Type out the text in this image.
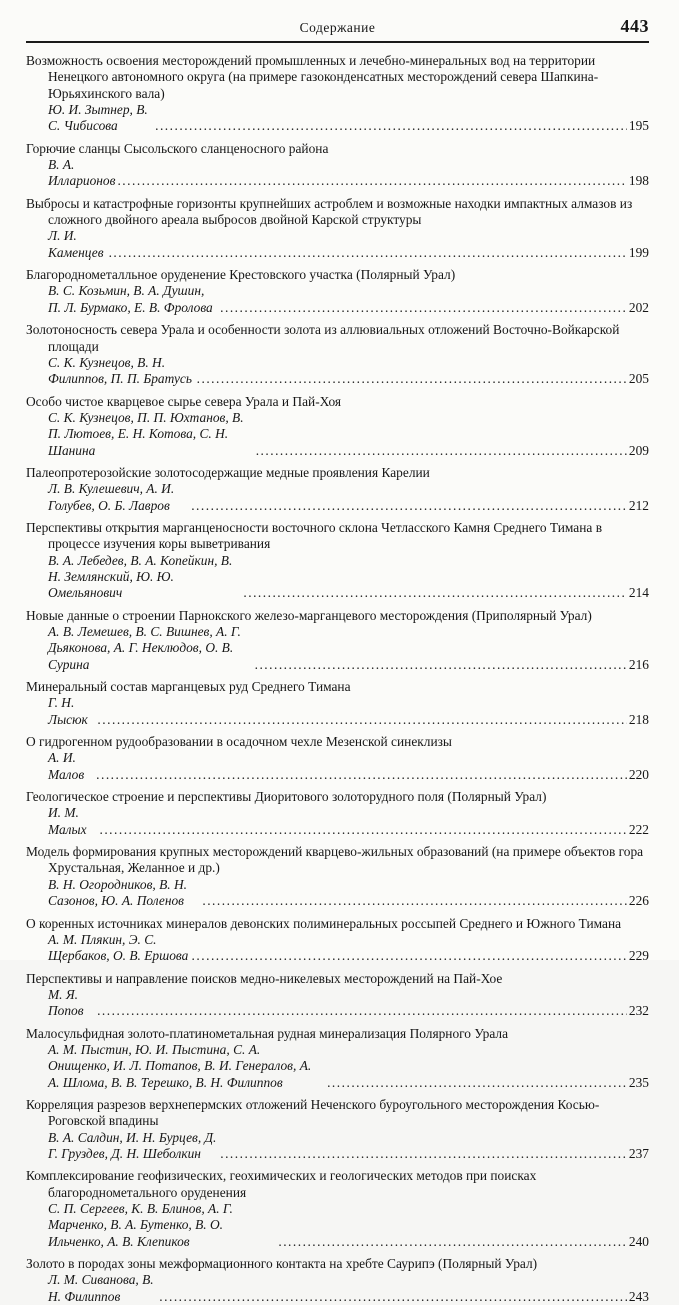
Содержание	443
Возможность освоения месторождений промышленных и лечебно-минеральных вод на территории Ненецкого автономного округа (на примере газоконденсатных месторождений севера Шапкина-Юрьяхинского вала)
Ю. И. Зытнер, В. С. Чибисова .....	195
Горючие сланцы Сысольского сланценосного района
В. А. Илларионов .....	198
Выбросы и катастрофные горизонты крупнейших астроблем и возможные находки импактных алмазов из сложного двойного ареала выбросов двойной Карской структуры
Л. И. Каменцев .....	199
Благороднометалльное оруденение Крестовского участка (Полярный Урал)
В. С. Козьмин, В. А. Душин, П. Л. Бурмако, Е. В. Фролова .....	202
Золотоносность севера Урала и особенности золота из аллювиальных отложений Восточно-Войкарской площади
С. К. Кузнецов, В. Н. Филиппов, П. П. Братусь .....	205
Особо чистое кварцевое сырье севера Урала и Пай-Хоя
С. К. Кузнецов, П. П. Юхтанов, В. П. Лютоев, Е. Н. Котова, С. Н. Шанина .....	209
Палеопротерозойские золотосодержащие медные проявления Карелии
Л. В. Кулешевич, А. И. Голубев, О. Б. Лавров .....	212
Перспективы открытия марганценосности восточного склона Четласского Камня Среднего Тимана в процессе изучения коры выветривания
В. А. Лебедев, В. А. Копейкин, В. Н. Землянский, Ю. Ю. Омельянович .....	214
Новые данные о строении Парнокского железо-марганцевого месторождения (Приполярный Урал)
А. В. Лемешев, В. С. Вишнев, А. Г. Дьяконова, А. Г. Неклюдов, О. В. Сурина .....	216
Минеральный состав марганцевых руд Среднего Тимана
Г. Н. Лысюк .....	218
О гидрогенном рудообразовании в осадочном чехле Мезенской синеклизы
А. И. Малов .....	220
Геологическое строение и перспективы Диоритового золоторудного поля (Полярный Урал)
И. М. Малых .....	222
Модель формирования крупных месторождений кварцево-жильных образований (на примере объектов гора Хрустальная, Желанное и др.)
В. Н. Огородников, В. Н. Сазонов, Ю. А. Поленов .....	226
О коренных источниках минералов девонских полиминеральных россыпей Среднего и Южного Тимана
А. М. Плякин, Э. С. Щербаков, О. В. Ершова .....	229
Перспективы и направление поисков медно-никелевых месторождений на Пай-Хое
М. Я. Попов .....	232
Малосульфидная золото-платинометальная рудная минерализация Полярного Урала
А. М. Пыстин, Ю. И. Пыстина, С. А. Онищенко, И. Л. Потапов, В. И. Генералов, А. А. Шлома, В. В. Терешко, В. Н. Филиппов .....	235
Корреляция разрезов верхнепермских отложений Неченского буроугольного месторождения Косью-Роговской впадины
В. А. Салдин, И. Н. Бурцев, Д. Г. Груздев, Д. Н. Шеболкин .....	237
Комплексирование геофизических, геохимических и геологических методов при поисках благороднометального оруденения
С. П. Сергеев, К. В. Блинов, А. Г. Марченко, В. А. Бутенко, В. О. Ильченко, А. В. Клепиков .....	240
Золото в породах зоны межформационного контакта на хребте Саурипэ (Полярный Урал)
Л. М. Сиванова, В. Н. Филиппов .....	243
